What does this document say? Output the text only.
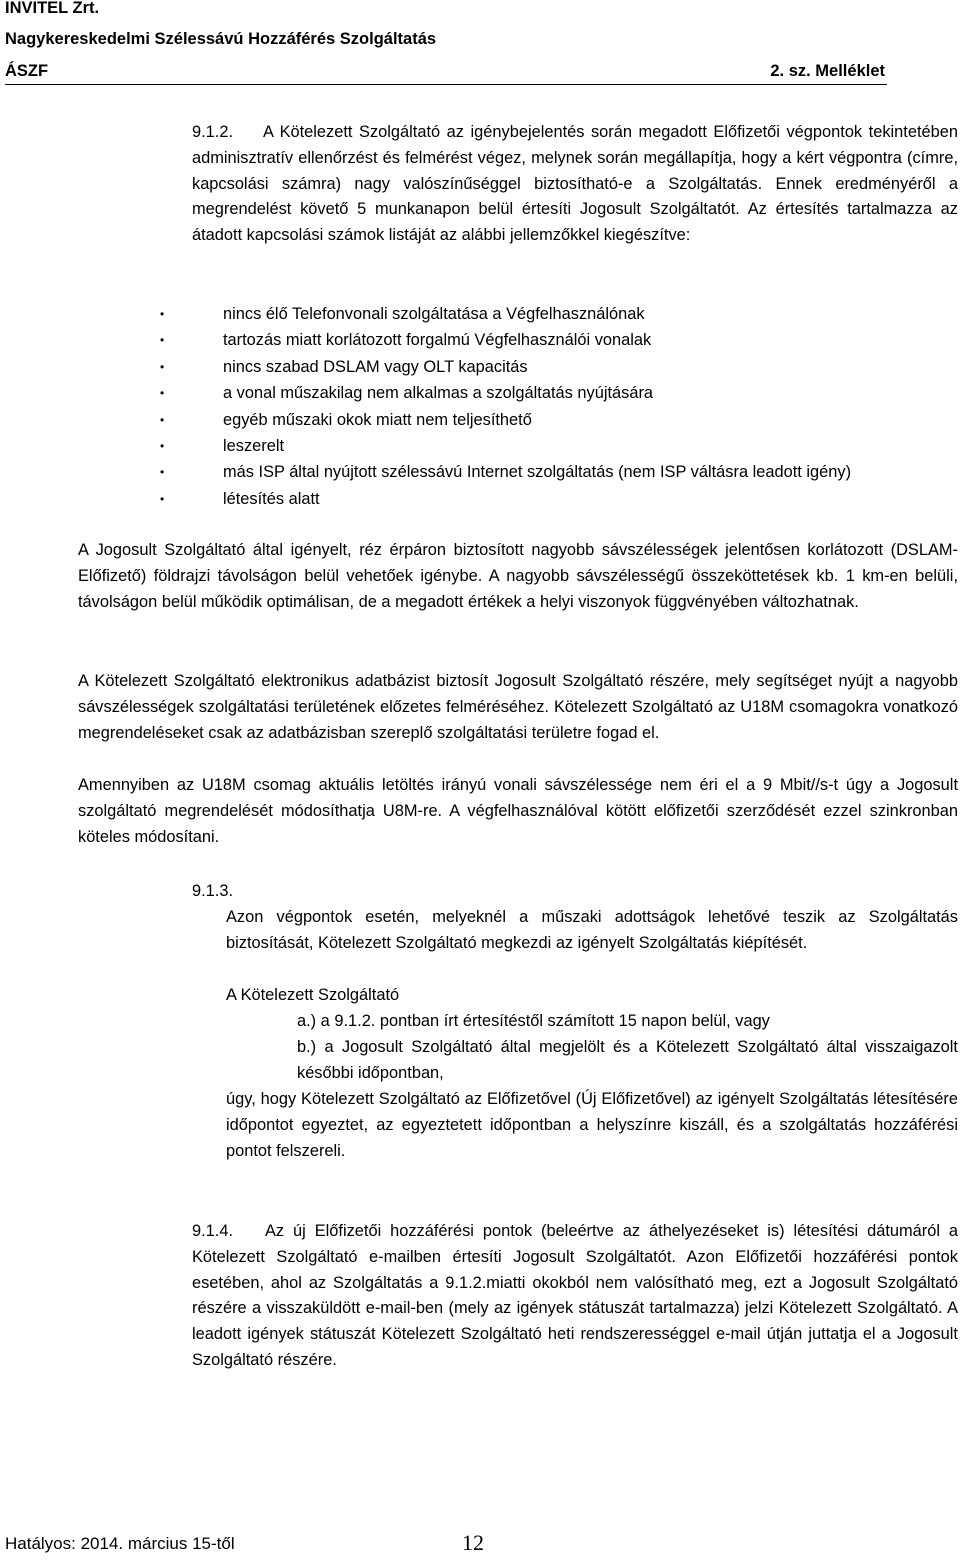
INVITEL Zrt.
Nagykereskedelmi Szélessávú Hozzáférés Szolgáltatás
ÁSZF	2. sz. Melléklet
9.1.2.	A Kötelezett Szolgáltató az igénybejelentés során megadott Előfizetői végpontok tekintetében adminisztratív ellenőrzést és felmérést végez, melynek során megállapítja, hogy a kért végpontra (címre, kapcsolási számra) nagy valószínűséggel biztosítható-e a Szolgáltatás. Ennek eredményéről a megrendelést követő 5 munkanapon belül értesíti Jogosult Szolgáltatót. Az értesítés tartalmazza az átadott kapcsolási számok listáját az alábbi jellemzőkkel kiegészítve:

•	nincs élő Telefonvonali szolgáltatása a Végfelhasználónak
•	tartozás miatt korlátozott forgalmú Végfelhasználói vonalak
•	nincs szabad DSLAM vagy OLT kapacitás
•	a vonal műszakilag nem alkalmas a szolgáltatás nyújtására
•	egyéb műszaki okok miatt nem teljesíthető
•	leszerelt
•	más ISP által nyújtott szélessávú Internet szolgáltatás (nem ISP váltásra leadott igény)
•	létesítés alatt

A Jogosult Szolgáltató által igényelt, réz érpáron biztosított nagyobb sávszélességek jelentősen korlátozott (DSLAM-Előfizető) földrajzi távolságon belül vehetőek igénybe. A nagyobb sávszélességű összeköttetések kb. 1 km-en belüli, távolságon belül működik optimálisan, de a megadott értékek a helyi viszonyok függvényében változhatnak.

A Kötelezett Szolgáltató elektronikus adatbázist biztosít Jogosult Szolgáltató részére, mely segítséget nyújt a nagyobb sávszélességek szolgáltatási területének előzetes felméréséhez. Kötelezett Szolgáltató az U18M csomagokra vonatkozó megrendeléseket csak az adatbázisban szereplő szolgáltatási területre fogad el.

Amennyiben az U18M csomag aktuális letöltés irányú vonali sávszélessége nem éri el a 9 Mbit//s-t úgy a Jogosult szolgáltató megrendelését módosíthatja U8M-re. A végfelhasználóval kötött előfizetői szerződését ezzel szinkronban köteles módosítani.

9.1.3.

Azon végpontok esetén, melyeknél a műszaki adottságok lehetővé teszik az Szolgáltatás biztosítását, Kötelezett Szolgáltató megkezdi az igényelt Szolgáltatás kiépítését.

A Kötelezett Szolgáltató

a.) a 9.1.2. pontban írt értesítéstől számított 15 napon belül, vagy

b.) a Jogosult Szolgáltató által megjelölt és a Kötelezett Szolgáltató által visszaigazolt későbbi időpontban,

úgy, hogy Kötelezett Szolgáltató az Előfizetővel (Új Előfizetővel) az igényelt Szolgáltatás létesítésére időpontot egyeztet, az egyeztetett időpontban a helyszínre kiszáll, és a szolgáltatás hozzáférési pontot felszereli.

9.1.4.	Az új Előfizetői hozzáférési pontok (beleértve az áthelyezéseket is) létesítési dátumáról a Kötelezett Szolgáltató e-mailben értesíti Jogosult Szolgáltatót. Azon Előfizetői hozzáférési pontok esetében, ahol az Szolgáltatás a 9.1.2.miatti okokból nem valósítható meg, ezt a Jogosult Szolgáltató részére a visszaküldött e-mail-ben (mely az igények státuszát tartalmazza) jelzi Kötelezett Szolgáltató. A leadott igények státuszát Kötelezett Szolgáltató heti rendszerességgel e-mail útján juttatja el a Jogosult Szolgáltató részére.

Hatályos: 2014. március 15-től	12
